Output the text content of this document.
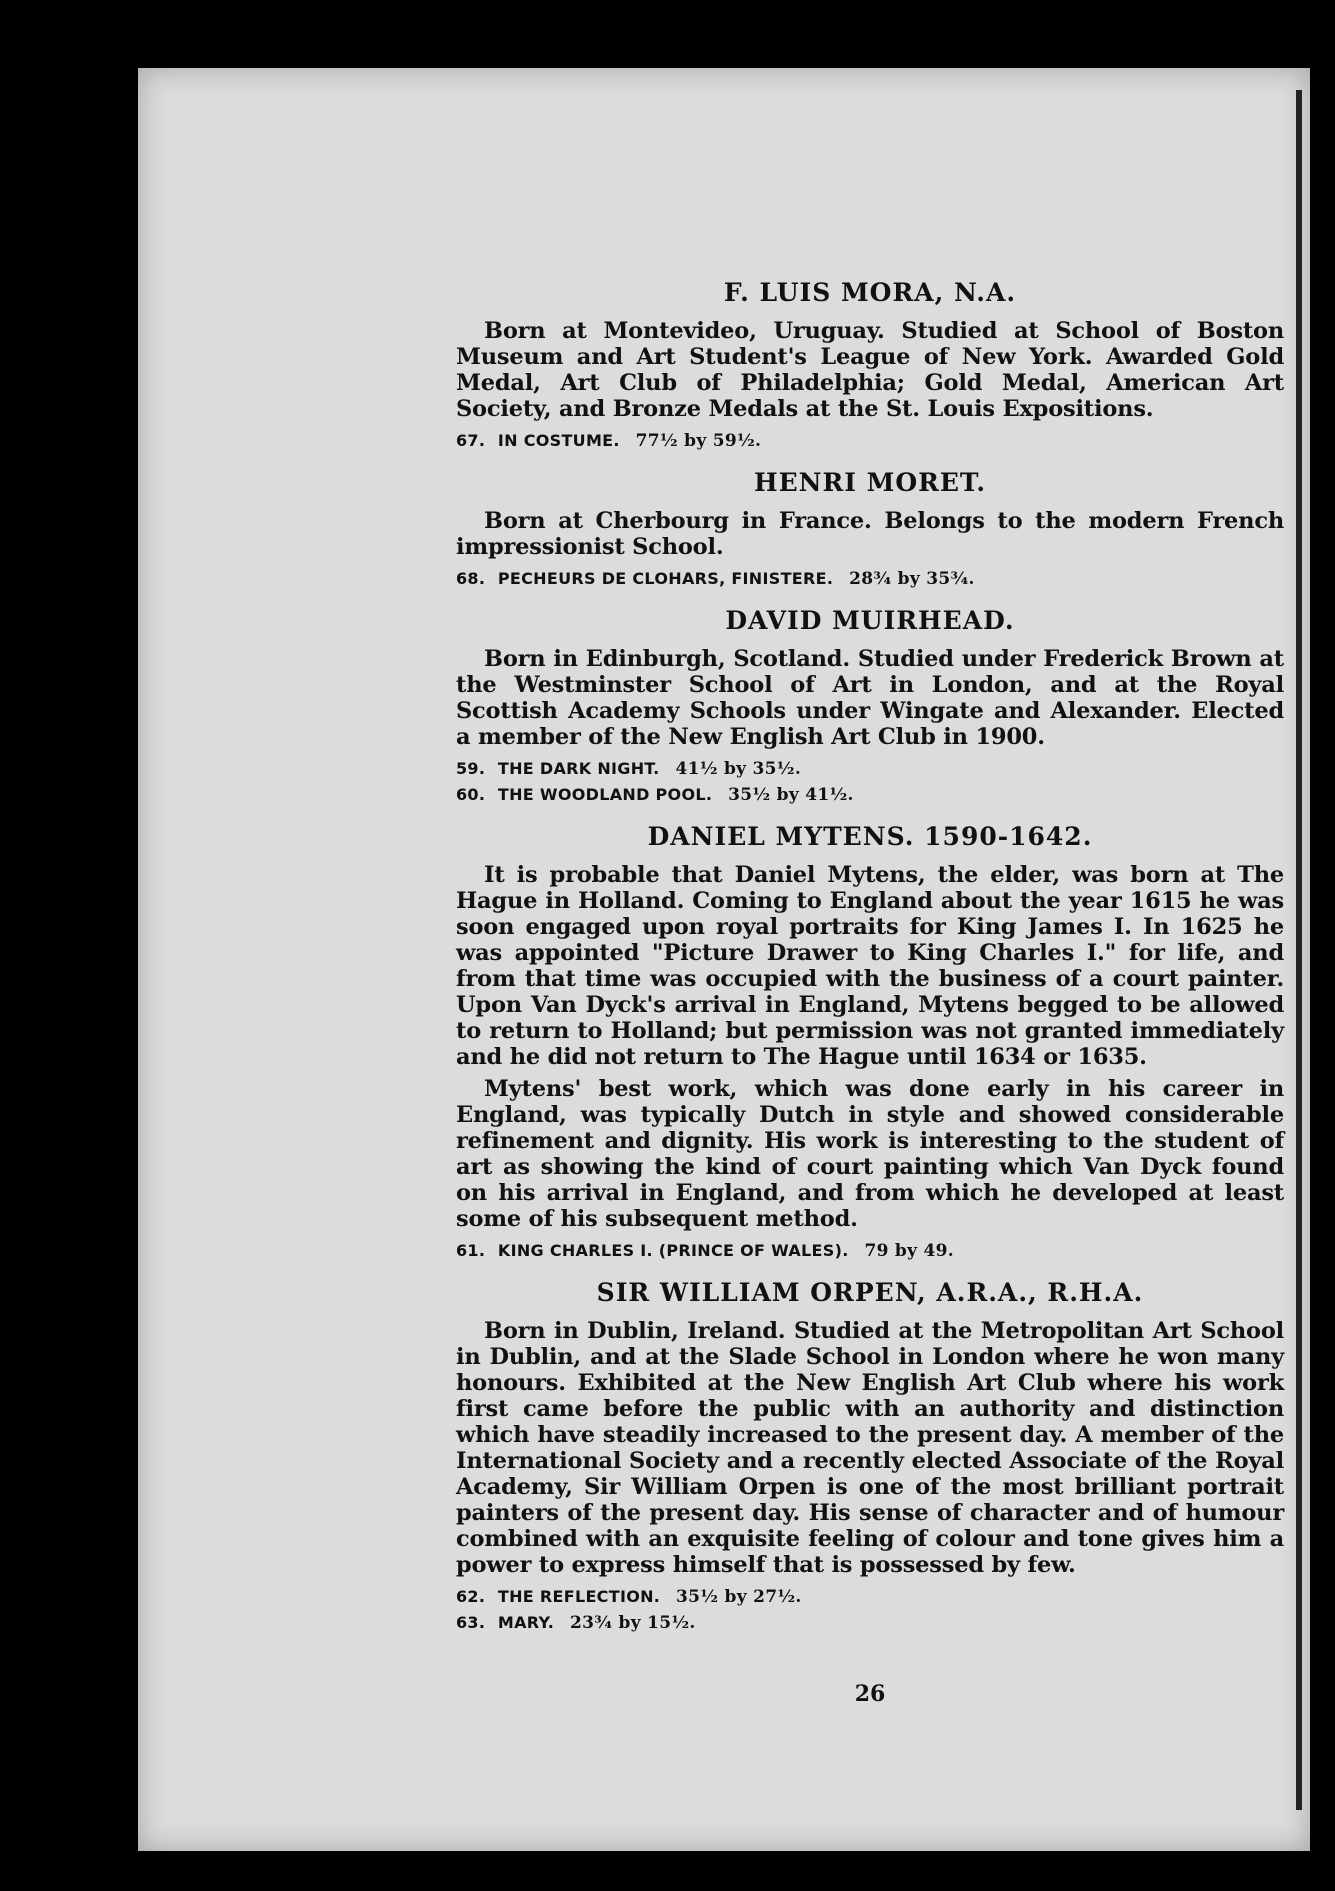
F. LUIS MORA, N.A.

Born at Montevideo, Uruguay. Studied at School of Boston Museum and Art Student's League of New York. Awarded Gold Medal, Art Club of Philadelphia; Gold Medal, American Art Society, and Bronze Medals at the St. Louis Expositions.

67. IN COSTUME. 77½ by 59½.
HENRI MORET.

Born at Cherbourg in France. Belongs to the modern French impressionist School.

68. PECHEURS DE CLOHARS, FINISTERE. 28¾ by 35¾.
DAVID MUIRHEAD.

Born in Edinburgh, Scotland. Studied under Frederick Brown at the Westminster School of Art in London, and at the Royal Scottish Academy Schools under Wingate and Alexander. Elected a member of the New English Art Club in 1900.

59. THE DARK NIGHT. 41½ by 35½.
60. THE WOODLAND POOL. 35½ by 41½.
DANIEL MYTENS. 1590-1642.

It is probable that Daniel Mytens, the elder, was born at The Hague in Holland. Coming to England about the year 1615 he was soon engaged upon royal portraits for King James I. In 1625 he was appointed "Picture Drawer to King Charles I." for life, and from that time was occupied with the business of a court painter. Upon Van Dyck's arrival in England, Mytens begged to be allowed to return to Holland; but permission was not granted immediately and he did not return to The Hague until 1634 or 1635.

Mytens' best work, which was done early in his career in England, was typically Dutch in style and showed considerable refinement and dignity. His work is interesting to the student of art as showing the kind of court painting which Van Dyck found on his arrival in England, and from which he developed at least some of his subsequent method.

61. KING CHARLES I. (PRINCE OF WALES). 79 by 49.
SIR WILLIAM ORPEN, A.R.A., R.H.A.

Born in Dublin, Ireland. Studied at the Metropolitan Art School in Dublin, and at the Slade School in London where he won many honours. Exhibited at the New English Art Club where his work first came before the public with an authority and distinction which have steadily increased to the present day. A member of the International Society and a recently elected Associate of the Royal Academy, Sir William Orpen is one of the most brilliant portrait painters of the present day. His sense of character and of humour combined with an exquisite feeling of colour and tone gives him a power to express himself that is possessed by few.

62. THE REFLECTION. 35½ by 27½.
63. MARY. 23¾ by 15½.
26
